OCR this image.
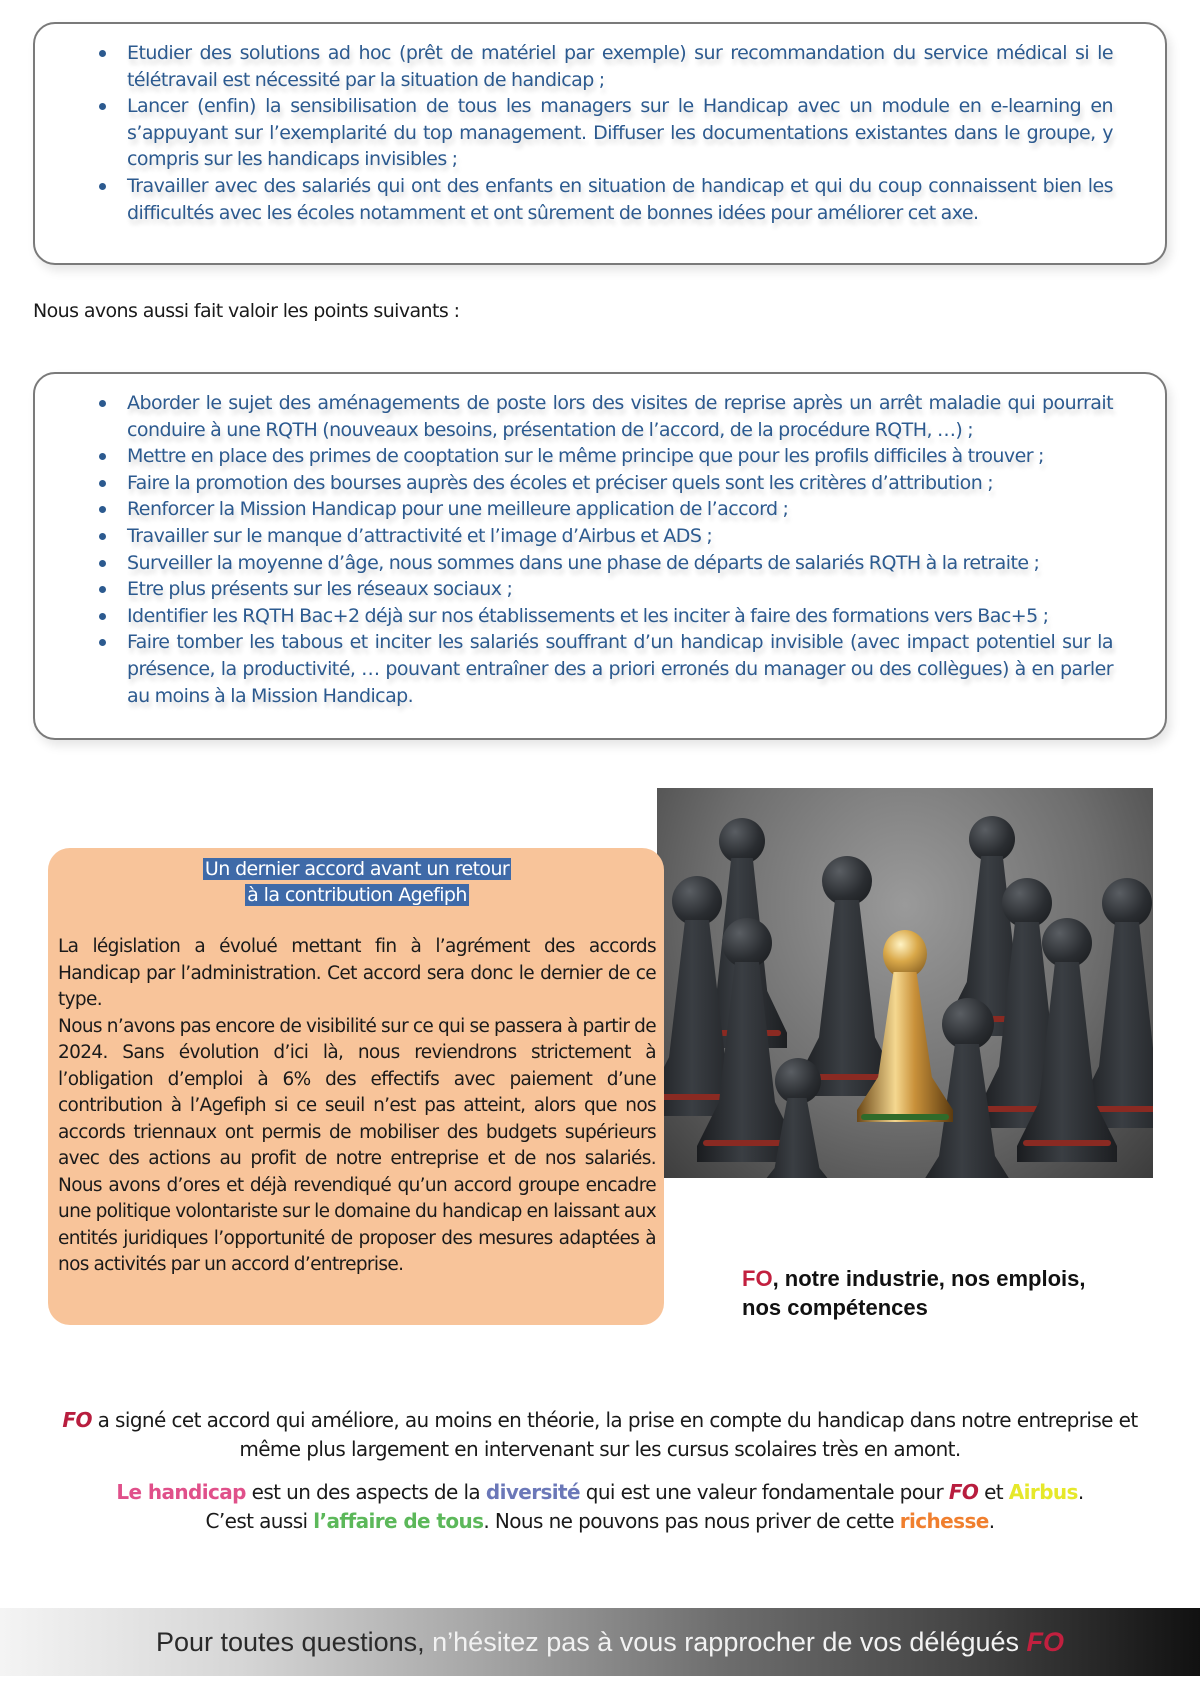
Etudier des solutions ad hoc (prêt de matériel par exemple) sur recommandation du service médical si le télétravail est nécessité par la situation de handicap ;
Lancer (enfin) la sensibilisation de tous les managers sur le Handicap avec un module en e-learning en s’appuyant sur l’exemplarité du top management. Diffuser les documentations existantes dans le groupe, y compris sur les handicaps invisibles ;
Travailler avec des salariés qui ont des enfants en situation de handicap et qui du coup connaissent bien les difficultés avec les écoles notamment et ont sûrement de bonnes idées pour améliorer cet axe.
Nous avons aussi fait valoir les points suivants :
Aborder le sujet des aménagements de poste lors des visites de reprise après un arrêt maladie qui pourrait conduire à une RQTH (nouveaux besoins, présentation de l’accord, de la procédure RQTH, …) ;
Mettre en place des primes de cooptation sur le même principe que pour les profils difficiles à trouver ;
Faire la promotion des bourses auprès des écoles et préciser quels sont les critères d’attribution ;
Renforcer la Mission Handicap pour une meilleure application de l’accord ;
Travailler sur le manque d’attractivité et l’image d’Airbus et ADS ;
Surveiller la moyenne d’âge, nous sommes dans une phase de départs de salariés RQTH à la retraite ;
Etre plus présents sur les réseaux sociaux ;
Identifier les RQTH Bac+2 déjà sur nos établissements et les inciter à faire des formations vers Bac+5 ;
Faire tomber les tabous et inciter les salariés souffrant d’un handicap invisible (avec impact potentiel sur la présence, la productivité, … pouvant entraîner des a priori erronés du manager ou des collègues) à en parler au moins à la Mission Handicap.
Un dernier accord avant un retour
à la contribution Agefiph

La législation a évolué mettant fin à l’agrément des accords Handicap par l’administration. Cet accord sera donc le dernier de ce type.

Nous n’avons pas encore de visibilité sur ce qui se passera à partir de 2024. Sans évolution d’ici là, nous reviendrons strictement à l’obligation d’emploi à 6% des effectifs avec paiement d’une contribution à l’Agefiph si ce seuil n’est pas atteint, alors que nos accords triennaux ont permis de mobiliser des budgets supérieurs avec des actions au profit de notre entreprise et de nos salariés. Nous avons d’ores et déjà revendiqué qu’un accord groupe encadre une politique volontariste sur le domaine du handicap en laissant aux entités juridiques l’opportunité de proposer des mesures adaptées à nos activités par un accord d’entreprise.

FO, notre industrie, nos emplois,
nos compétences
FO a signé cet accord qui améliore, au moins en théorie, la prise en compte du handicap dans notre entreprise et même plus largement en intervenant sur les cursus scolaires très en amont.
Le handicap est un des aspects de la diversité qui est une valeur fondamentale pour FO et Airbus.
C’est aussi l’affaire de tous. Nous ne pouvons pas nous priver de cette richesse.
Pour toutes questions, n’hésitez pas à vous rapprocher de vos délégués FO
